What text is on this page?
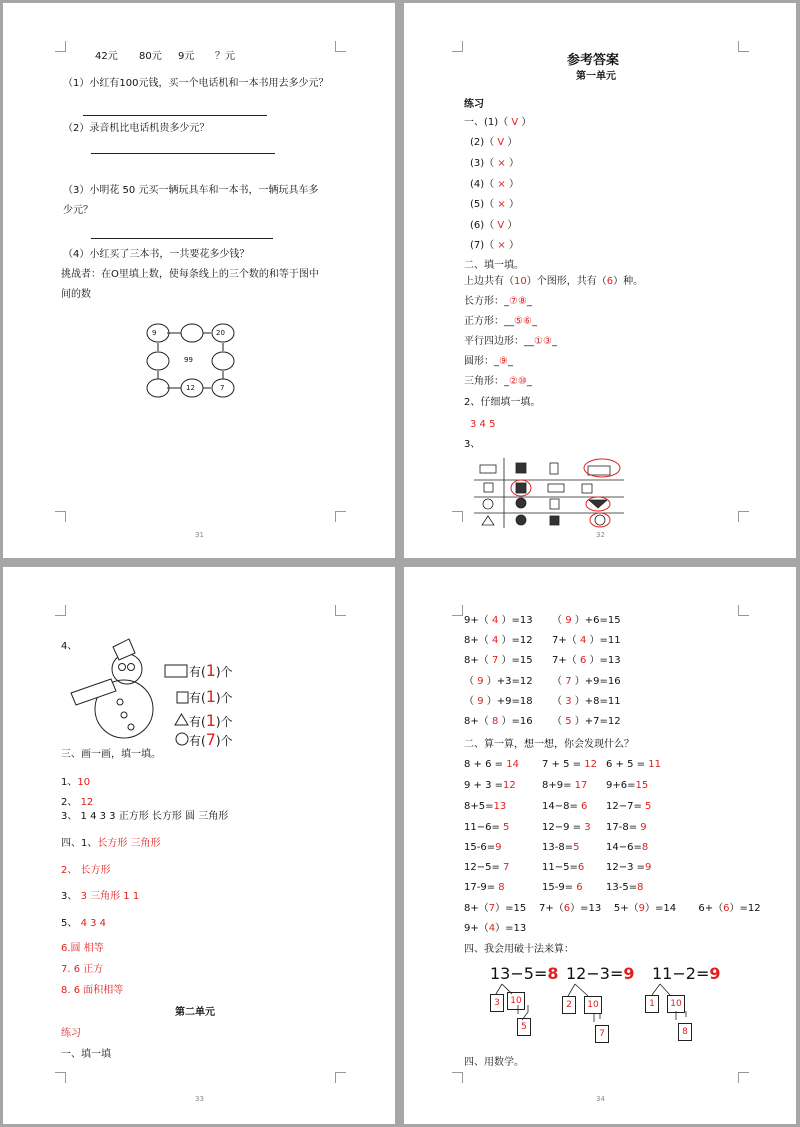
42元 80元 9元 ？元
（1）小红有100元钱，买一个电话机和一本书用去多少元？
（2）录音机比电话机贵多少元？
（3）小明花 50 元买一辆玩具车和一本书，一辆玩具车多
少元？
（4）小红买了三本书，一共要花多少钱？
挑战者：在O里填上数，使每条线上的三个数的和等于图中
间的数
9	20
99
12	7
31
参考答案
第一单元
练习
一、(1)（ V ）
(2)（ V ）
(3)（ × ）
(4)（ × ）
(5)（ × ）
(6)（ V ）
(7)（ × ）
二、填一填。
上边共有（10）个图形，共有（6）种。
长方形：_⑦⑧_
正方形：__⑤⑥_
平行四边形：__①③_
圆形：_⑨_
三角形：_②⑩_
2、仔细填一填。
3 4 5
3、
32
4、
有(1)个
有(1)个
有(1)个
有(7)个
三、画一画，填一填。
1、10
2、 12
3、 1 4 3 3 正方形 长方形 圆 三角形
四、1、长方形 三角形
2、 长方形
3、 3 三角形 1 1
5、 4 3 4
6.圆 相等
7. 6 正方
8. 6 面积相等
第二单元
练习
一、填一填
33
9+（ 4 ）=13 （ 9 ）+6=15
8+（ 4 ）=12 7+（ 4 ）=11
8+（ 7 ）=15 7+（ 6 ）=13
（ 9 ）+3=12 （ 7 ）+9=16
（ 9 ）+9=18 （ 3 ）+8=11
8+（ 8 ）=16 （ 5 ）+7=12
二、算一算，想一想，你会发现什么？
8 + 6 = 14 7 + 5 = 12 6 + 5 = 11
9 + 3 =12	8+9= 17 9+6=15
8+5=13	14−8= 6 12−7= 5
11−6= 5	12−9 = 3 17-8= 9
15-6=9	13-8=5	14−6=8
12−5= 7	11−5=6 12−3 =9
17-9= 8	15-9= 6 13-5=8
8+（7）=15 7+（6）=13 5+（9）=14 6+（6）=12
9+（4）=13
四、我会用破十法来算：
13−5=8 12−3=9 11−2=9
3	10
5
2	10
7
1	10
8
四、用数学。
34
